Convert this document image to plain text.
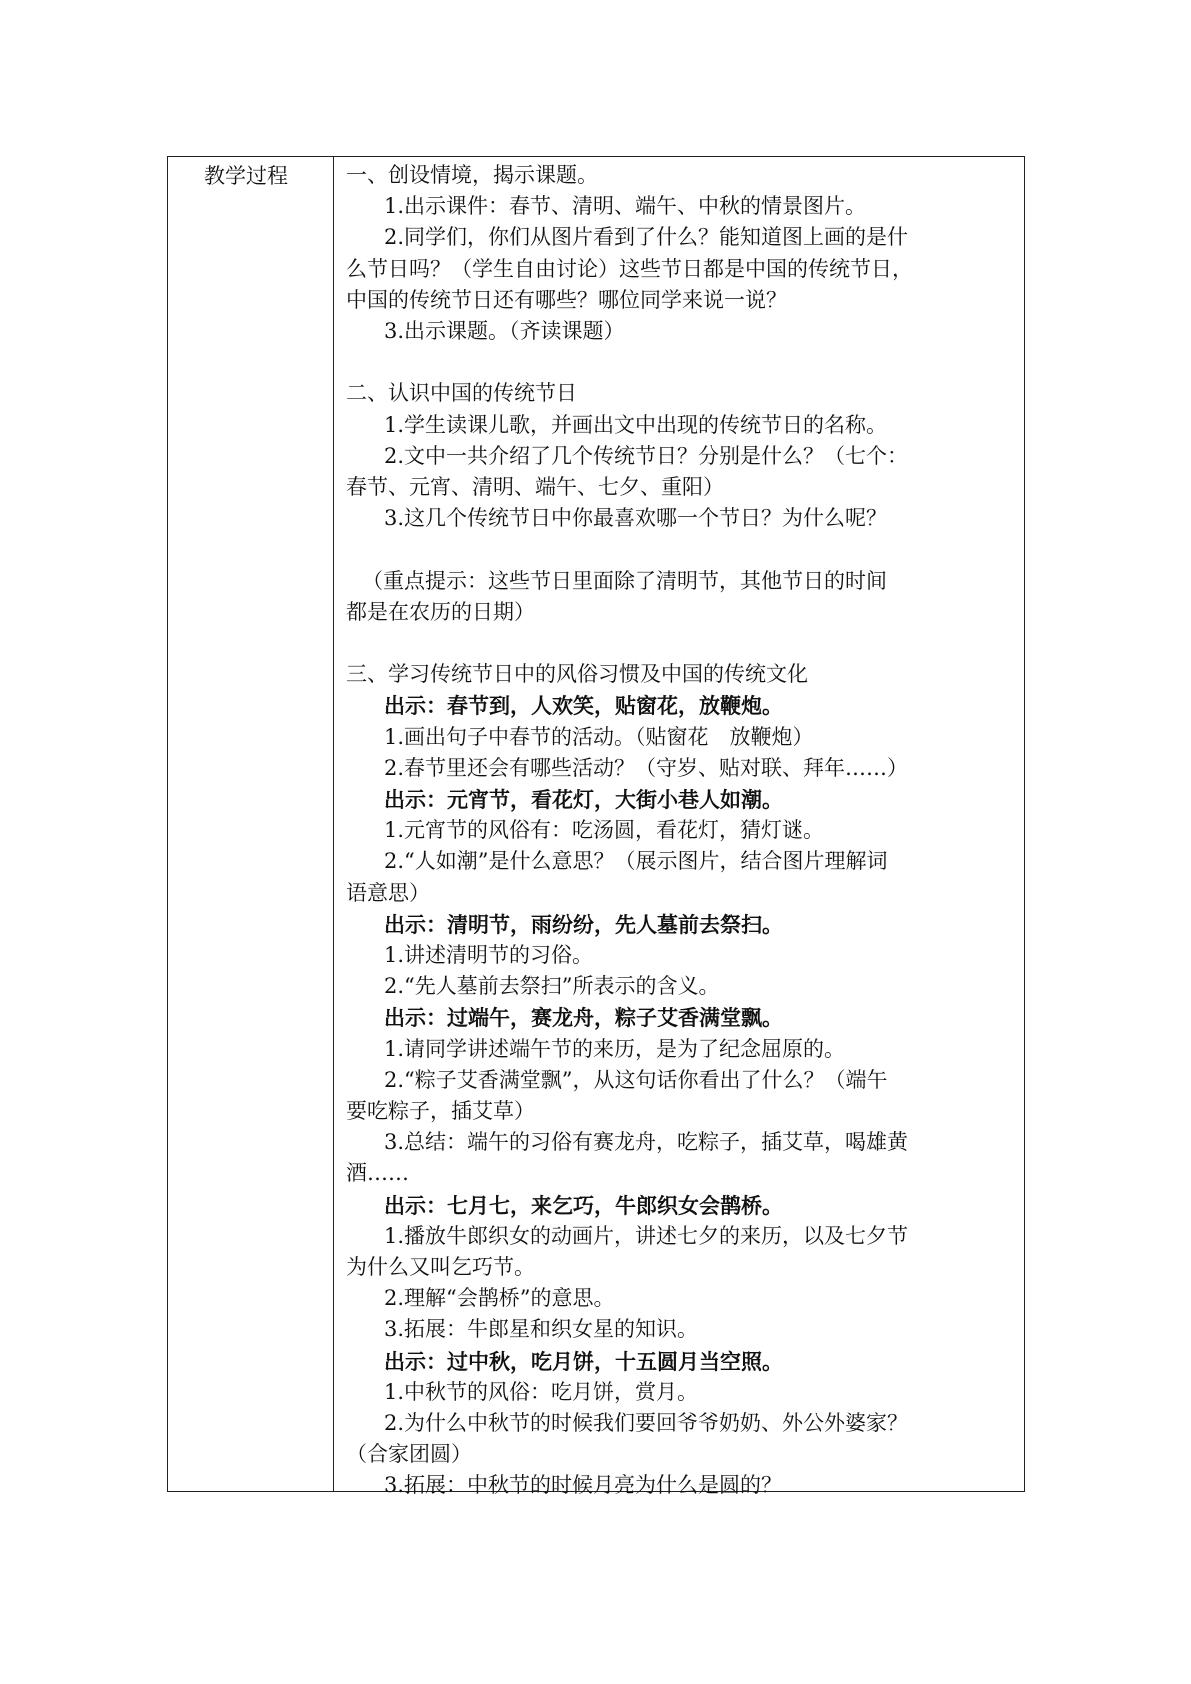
教学过程	一、创设情境，揭示课题。
1.出示课件：春节、清明、端午、中秋的情景图片。
2.同学们，你们从图片看到了什么？能知道图上画的是什
么节日吗？（学生自由讨论）这些节日都是中国的传统节日，
中国的传统节日还有哪些？哪位同学来说一说？
3.出示课题。（齐读课题）
二、认识中国的传统节日
1.学生读课儿歌，并画出文中出现的传统节日的名称。
2.文中一共介绍了几个传统节日？分别是什么？（七个：
春节、元宵、清明、端午、七夕、重阳）
3.这几个传统节日中你最喜欢哪一个节日？为什么呢？
（重点提示：这些节日里面除了清明节，其他节日的时间
都是在农历的日期）
三、学习传统节日中的风俗习惯及中国的传统文化
出示：春节到，人欢笑，贴窗花，放鞭炮。
1.画出句子中春节的活动。（贴窗花　放鞭炮）
2.春节里还会有哪些活动？（守岁、贴对联、拜年……）
出示：元宵节，看花灯，大街小巷人如潮。
1.元宵节的风俗有：吃汤圆，看花灯，猜灯谜。
2.“人如潮”是什么意思？（展示图片，结合图片理解词
语意思）
出示：清明节，雨纷纷，先人墓前去祭扫。
1.讲述清明节的习俗。
2.“先人墓前去祭扫”所表示的含义。
出示：过端午，赛龙舟，粽子艾香满堂飘。
1.请同学讲述端午节的来历，是为了纪念屈原的。
2.“粽子艾香满堂飘”，从这句话你看出了什么？（端午
要吃粽子，插艾草）
3.总结：端午的习俗有赛龙舟，吃粽子，插艾草，喝雄黄
酒……
出示：七月七，来乞巧，牛郎织女会鹊桥。
1.播放牛郎织女的动画片，讲述七夕的来历，以及七夕节
为什么又叫乞巧节。
2.理解“会鹊桥”的意思。
3.拓展：牛郎星和织女星的知识。
出示：过中秋，吃月饼，十五圆月当空照。
1.中秋节的风俗：吃月饼，赏月。
2.为什么中秋节的时候我们要回爷爷奶奶、外公外婆家？
（合家团圆）
3.拓展：中秋节的时候月亮为什么是圆的？
